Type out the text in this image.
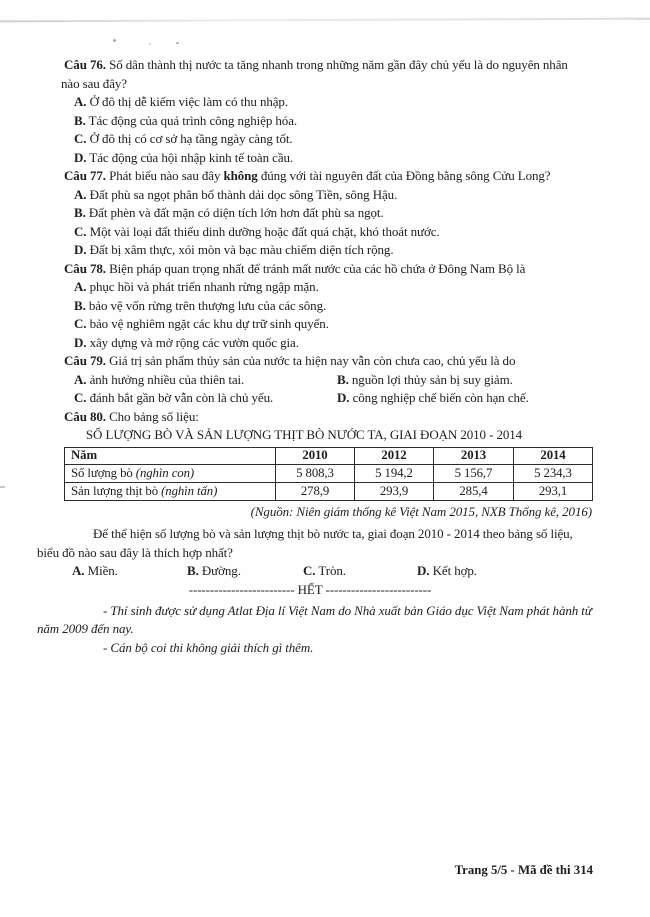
Câu 76. Số dân thành thị nước ta tăng nhanh trong những năm gần đây chủ yếu là do nguyên nhân
nào sau đây?
A. Ở đô thị dễ kiếm việc làm có thu nhập.
B. Tác động của quá trình công nghiệp hóa.
C. Ở đô thị có cơ sở hạ tầng ngày càng tốt.
D. Tác động của hội nhập kinh tế toàn cầu.
Câu 77. Phát biểu nào sau đây không đúng với tài nguyên đất của Đồng bằng sông Cửu Long?
A. Đất phù sa ngọt phân bố thành dải dọc sông Tiền, sông Hậu.
B. Đất phèn và đất mặn có diện tích lớn hơn đất phù sa ngọt.
C. Một vài loại đất thiếu dinh dưỡng hoặc đất quá chặt, khó thoát nước.
D. Đất bị xâm thực, xói mòn và bạc màu chiếm diện tích rộng.
Câu 78. Biện pháp quan trọng nhất để tránh mất nước của các hồ chứa ở Đông Nam Bộ là
A. phục hồi và phát triển nhanh rừng ngập mặn.
B. bảo vệ vốn rừng trên thượng lưu của các sông.
C. bảo vệ nghiêm ngặt các khu dự trữ sinh quyển.
D. xây dựng và mở rộng các vườn quốc gia.
Câu 79. Giá trị sản phẩm thủy sản của nước ta hiện nay vẫn còn chưa cao, chủ yếu là do
A. ảnh hưởng nhiều của thiên tai.	B. nguồn lợi thủy sản bị suy giảm.
C. đánh bắt gần bờ vẫn còn là chủ yếu.	D. công nghiệp chế biến còn hạn chế.
Câu 80. Cho bảng số liệu:
SỐ LƯỢNG BÒ VÀ SẢN LƯỢNG THỊT BÒ NƯỚC TA, GIAI ĐOẠN 2010 - 2014
Năm	2010	2012	2013	2014
Số lượng bò (nghìn con)	5 808,3	5 194,2	5 156,7	5 234,3
Sản lượng thịt bò (nghìn tấn)	278,9	293,9	285,4	293,1
(Nguồn: Niên giám thống kê Việt Nam 2015, NXB Thống kê, 2016)
Để thể hiện số lượng bò và sản lượng thịt bò nước ta, giai đoạn 2010 - 2014 theo bảng số liệu,
biểu đồ nào sau đây là thích hợp nhất?
A. Miền.	B. Đường.	C. Tròn.	D. Kết hợp.
------------------------- HẾT -------------------------
- Thí sinh được sử dụng Atlat Địa lí Việt Nam do Nhà xuất bản Giáo dục Việt Nam phát hành từ
năm 2009 đến nay.
- Cán bộ coi thi không giải thích gì thêm.
Trang 5/5 - Mã đề thi 314
